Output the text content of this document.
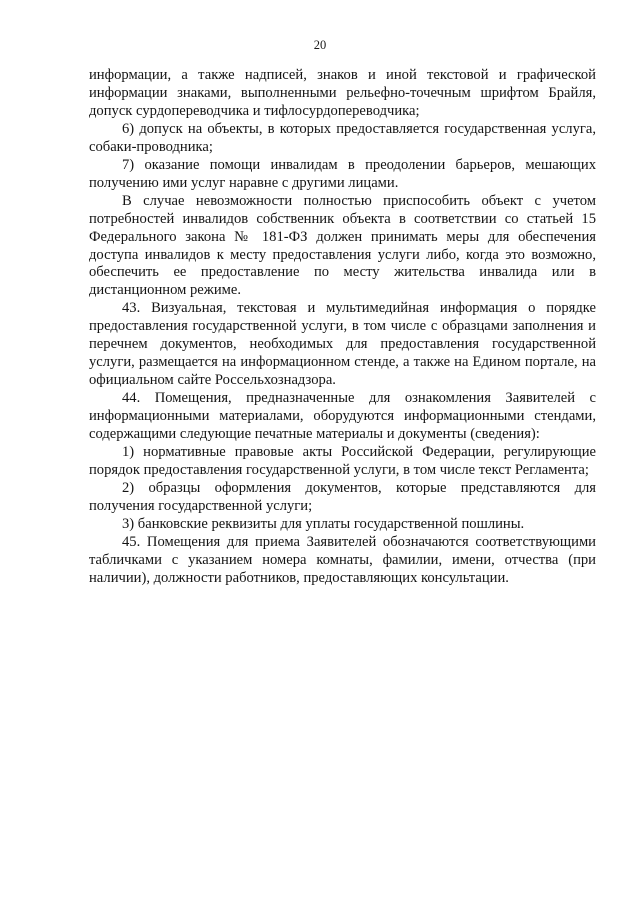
20

информации, а также надписей, знаков и иной текстовой и графической информации знаками, выполненными рельефно-точечным шрифтом Брайля, допуск сурдопереводчика и тифлосурдопереводчика;

6) допуск на объекты, в которых предоставляется государственная услуга, собаки-проводника;

7) оказание помощи инвалидам в преодолении барьеров, мешающих получению ими услуг наравне с другими лицами.

В случае невозможности полностью приспособить объект с учетом потребностей инвалидов собственник объекта в соответствии со статьей 15 Федерального закона № 181-ФЗ должен принимать меры для обеспечения доступа инвалидов к месту предоставления услуги либо, когда это возможно, обеспечить ее предоставление по месту жительства инвалида или в дистанционном режиме.

43. Визуальная, текстовая и мультимедийная информация о порядке предоставления государственной услуги, в том числе с образцами заполнения и перечнем документов, необходимых для предоставления государственной услуги, размещается на информационном стенде, а также на Едином портале, на официальном сайте Россельхознадзора.

44. Помещения, предназначенные для ознакомления Заявителей с информационными материалами, оборудуются информационными стендами, содержащими следующие печатные материалы и документы (сведения):

1) нормативные правовые акты Российской Федерации, регулирующие порядок предоставления государственной услуги, в том числе текст Регламента;

2) образцы оформления документов, которые представляются для получения государственной услуги;

3) банковские реквизиты для уплаты государственной пошлины.

45. Помещения для приема Заявителей обозначаются соответствующими табличками с указанием номера комнаты, фамилии, имени, отчества (при наличии), должности работников, предоставляющих консультации.
